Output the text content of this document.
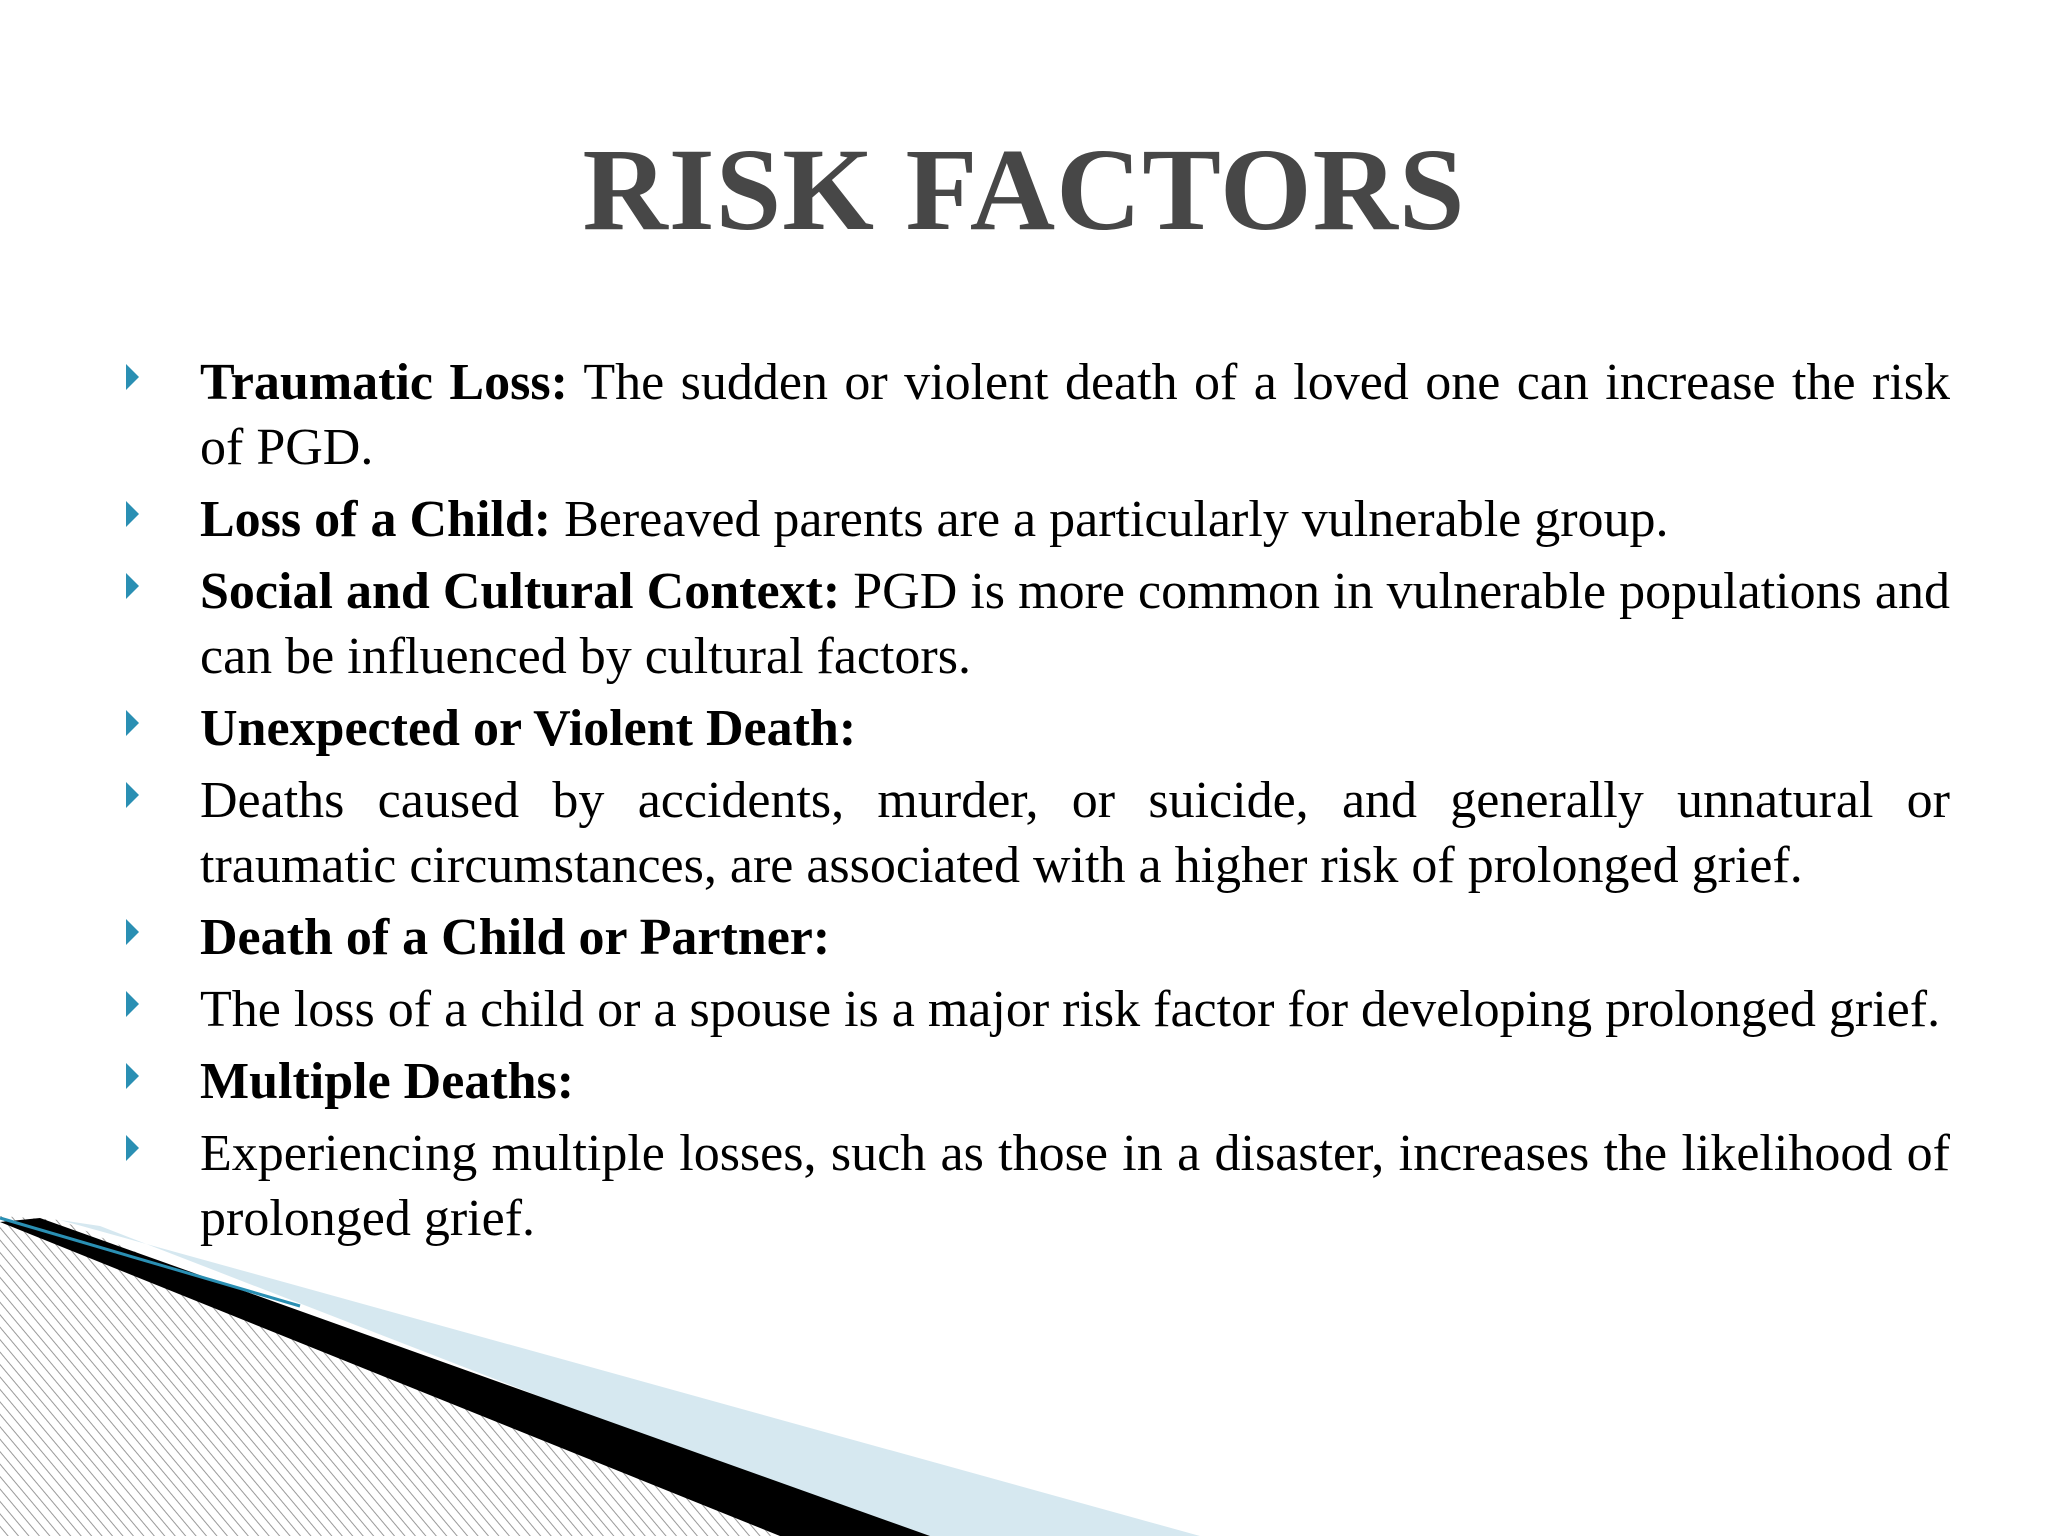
RISK FACTORS
Traumatic Loss: The sudden or violent death of a loved one can increase the risk of PGD.
Loss of a Child: Bereaved parents are a particularly vulnerable group.
Social and Cultural Context: PGD is more common in vulnerable populations and can be influenced by cultural factors.
Unexpected or Violent Death:
Deaths caused by accidents, murder, or suicide, and generally unnatural or traumatic circumstances, are associated with a higher risk of prolonged grief.
Death of a Child or Partner:
The loss of a child or a spouse is a major risk factor for developing prolonged grief.
Multiple Deaths:
Experiencing multiple losses, such as those in a disaster, increases the likelihood of prolonged grief.
